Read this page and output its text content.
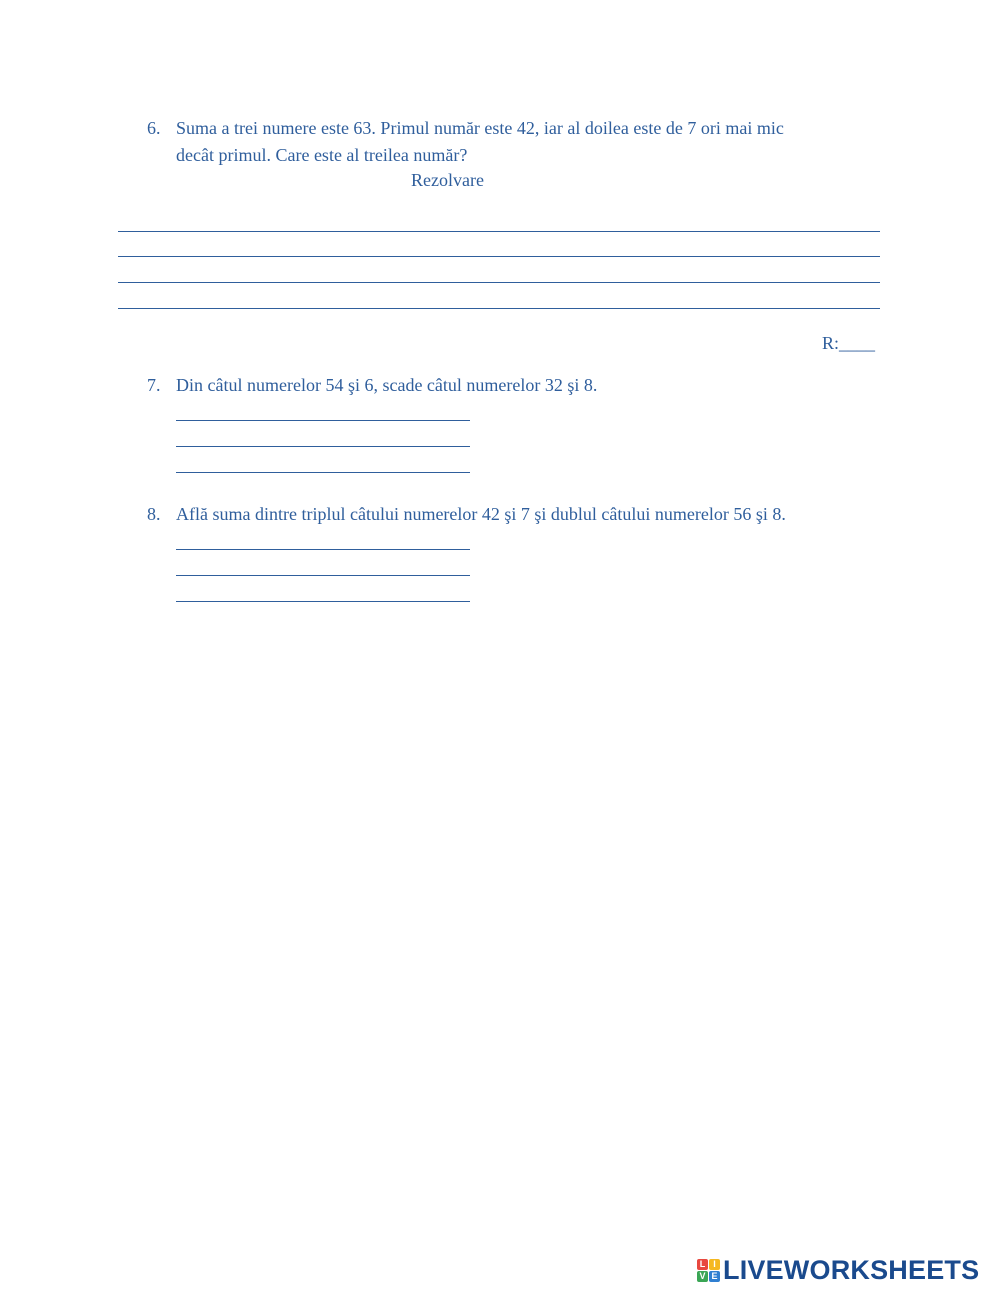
6. Suma a trei numere este 63. Primul număr este 42, iar al doilea este de 7 ori mai mic
decât primul. Care este al treilea număr?
Rezolvare
R:____
7. Din câtul numerelor 54 şi 6, scade câtul numerelor 32 şi 8.
8. Află suma dintre triplul câtului numerelor 42 şi 7 şi dublul câtului numerelor 56 şi 8.
L I
V E LIVEWORKSHEETS
